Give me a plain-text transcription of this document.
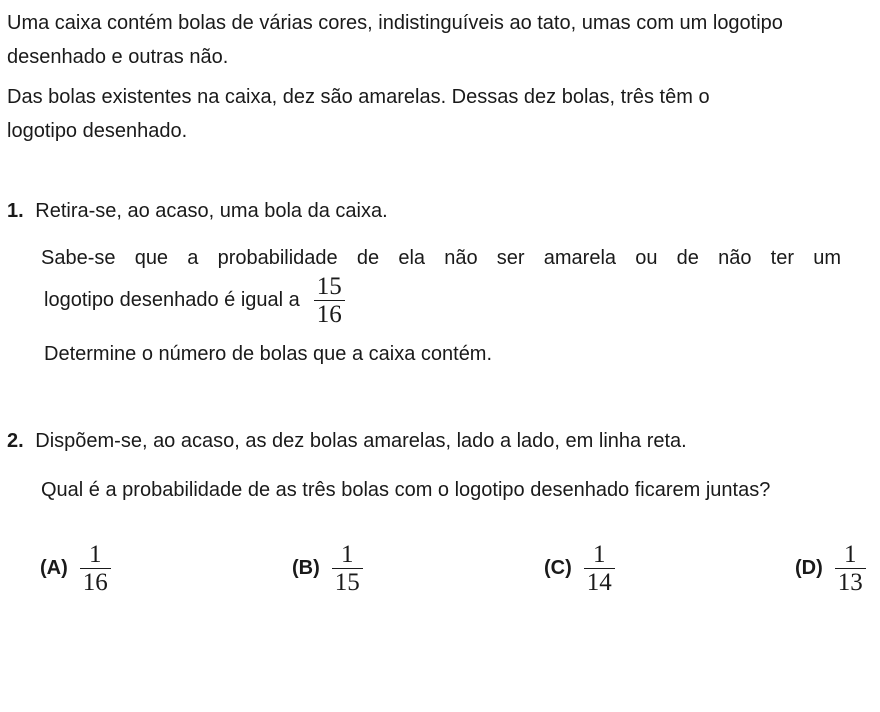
Uma caixa contém bolas de várias cores, indistinguíveis ao tato, umas com um logotipo
desenhado e outras não.
Das bolas existentes na caixa, dez são amarelas. Dessas dez bolas, três têm o
logotipo desenhado.
1. Retira-se, ao acaso, uma bola da caixa.
Sabe-se que a probabilidade de ela não ser amarela ou de não ter um
logotipo desenhado é igual a $\frac{15}{16}$
Determine o número de bolas que a caixa contém.
2. Dispõem-se, ao acaso, as dez bolas amarelas, lado a lado, em linha reta.
Qual é a probabilidade de as três bolas com o logotipo desenhado ficarem juntas?
$(A) \frac{1}{16}$	$(B) \frac{1}{15}$	$(C) \frac{1}{14}$	$(D) \frac{1}{13}$
